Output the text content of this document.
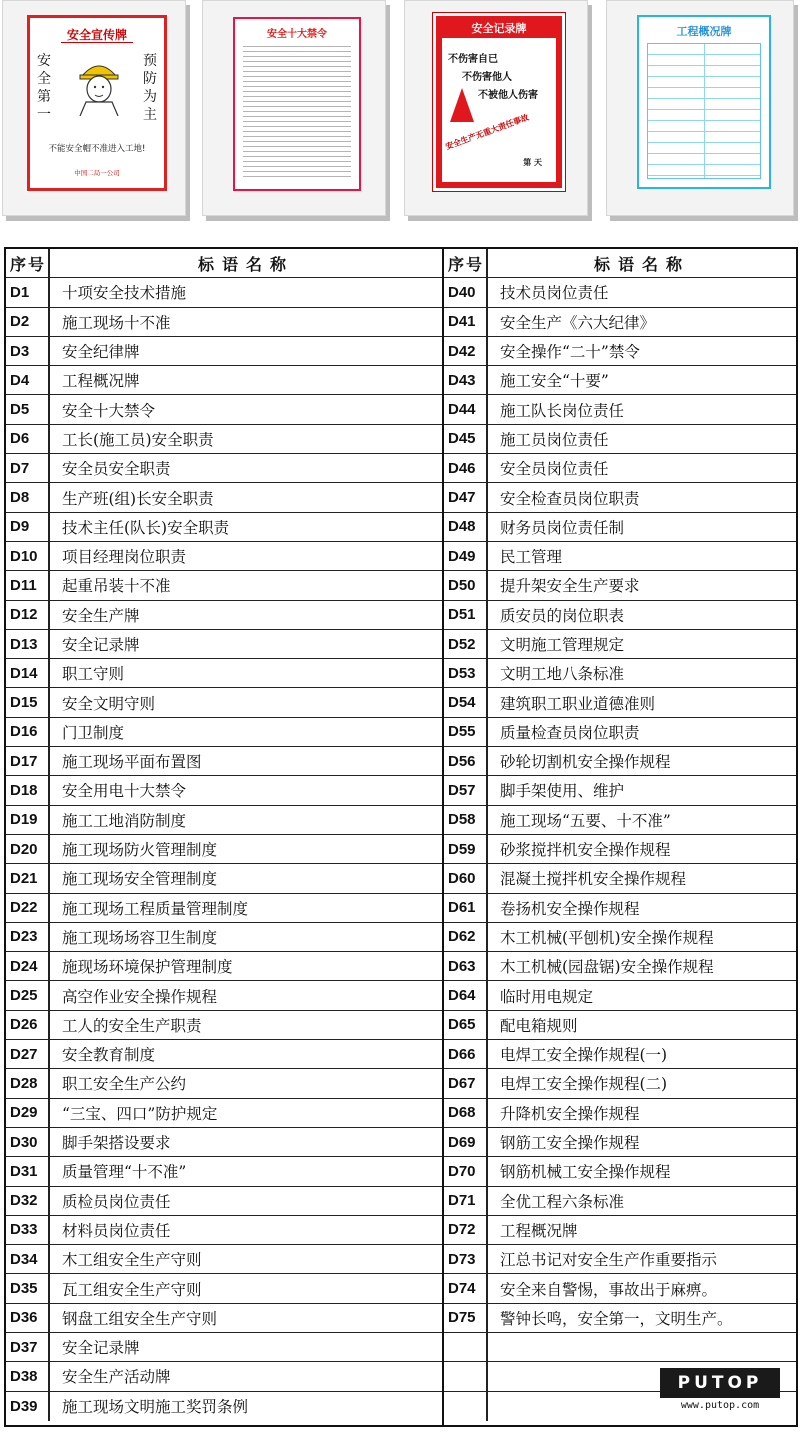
安全宣传牌
安
全
第
一
预
防
为
主
不能安全帽不准进入工地!
中国二局一公司
安全十大禁令	安全记录牌
不伤害自已
不伤害他人
不被他人伤害
安全生产无重大责任事故
第 天
工程概况牌
序号	标语名称
D1	十项安全技术措施
D2	施工现场十不准
D3	安全纪律牌
D4	工程概况牌
D5	安全十大禁令
D6	工长(施工员)安全职责
D7	安全员安全职责
D8	生产班(组)长安全职责
D9	技术主任(队长)安全职责
D10	项目经理岗位职责
D11	起重吊装十不准
D12	安全生产牌
D13	安全记录牌
D14	职工守则
D15	安全文明守则
D16	门卫制度
D17	施工现场平面布置图
D18	安全用电十大禁令
D19	施工工地消防制度
D20	施工现场防火管理制度
D21	施工现场安全管理制度
D22	施工现场工程质量管理制度
D23	施工现场场容卫生制度
D24	施现场环境保护管理制度
D25	高空作业安全操作规程
D26	工人的安全生产职责
D27	安全教育制度
D28	职工安全生产公约
D29	“三宝、四口”防护规定
D30	脚手架搭设要求
D31	质量管理“十不准”
D32	质检员岗位责任
D33	材料员岗位责任
D34	木工组安全生产守则
D35	瓦工组安全生产守则
D36	钢盘工组安全生产守则
D37	安全记录牌
D38	安全生产活动牌
D39	施工现场文明施工奖罚条例
序号	标语名称
D40	技术员岗位责任
D41	安全生产《六大纪律》
D42	安全操作“二十”禁令
D43	施工安全“十要”
D44	施工队长岗位责任
D45	施工员岗位责任
D46	安全员岗位责任
D47	安全检查员岗位职责
D48	财务员岗位责任制
D49	民工管理
D50	提升架安全生产要求
D51	质安员的岗位职表
D52	文明施工管理规定
D53	文明工地八条标准
D54	建筑职工职业道德准则
D55	质量检查员岗位职责
D56	砂轮切割机安全操作规程
D57	脚手架使用、维护
D58	施工现场“五要、十不准”
D59	砂浆搅拌机安全操作规程
D60	混凝土搅拌机安全操作规程
D61	卷扬机安全操作规程
D62	木工机械(平刨机)安全操作规程
D63	木工机械(园盘锯)安全操作规程
D64	临时用电规定
D65	配电箱规则
D66	电焊工安全操作规程(一)
D67	电焊工安全操作规程(二)
D68	升降机安全操作规程
D69	钢筋工安全操作规程
D70	钢筋机械工安全操作规程
D71	全优工程六条标准
D72	工程概况牌
D73	江总书记对安全生产作重要指示
D74	安全来自警惕，事故出于麻痹。
D75	警钟长鸣，安全第一，文明生产。
PUTOP
www.putop.com
